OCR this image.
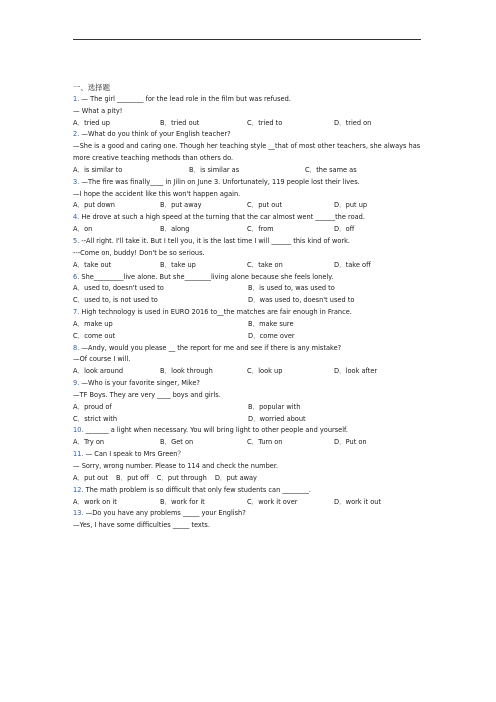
一、选择题
1. — The girl ________ for the lead role in the film but was refused.
— What a pity!
A．tried up	B．tried out	C．tried to	D．tried on
2. —What do you think of your English teacher?
—She is a good and caring one. Though her teaching style __that of most other teachers, she always has more creative teaching methods than others do.
A．is similar to	B．is similar as	C．the same as
3. —The fire was finally____ in Jilin on June 3. Unfortunately, 119 people lost their lives.
—I hope the accident like this won't happen again.
A．put down	B．put away	C．put out	D．put up
4. He drove at such a high speed at the turning that the car almost went ______the road.
A．on	B．along	C．from	D．off
5. --All right. I'll take it. But I tell you, it is the last time I will ______ this kind of work.
---Come on, buddy! Don't be so serious.
A．take out	B．take up	C．take on	D．take off
6. She_________live alone. But she________living alone because she feels lonely.
A．used to, doesn't used to	B．is used to, was used to
C．used to, is not used to	D．was used to, doesn't used to
7. High technology is used in EURO 2016 to__the matches are fair enough in France.
A．make up	B．make sure
C．come out	D．come over
8. —Andy, would you please __ the report for me and see if there is any mistake?
—Of course I will.
A．look around	B．look through	C．look up	D．look after
9. —Who is your favorite singer, Mike?
—TF Boys. They are very ____ boys and girls.
A．proud of	B．popular with
C．strict with	D．worried about
10. _______ a light when necessary. You will bring light to other people and yourself.
A．Try on	B．Get on	C．Turn on	D．Put on
11. — Can I speak to Mrs Green？
— Sorry, wrong number. Please to 114 and check the number.
A．put out B．put off C．put through D．put away
12. The math problem is so difficult that only few students can ________.
A．work on it	B．work for it	C．work it over	D．work it out
13. —Do you have any problems _____ your English?
—Yes, I have some difficulties _____ texts.
